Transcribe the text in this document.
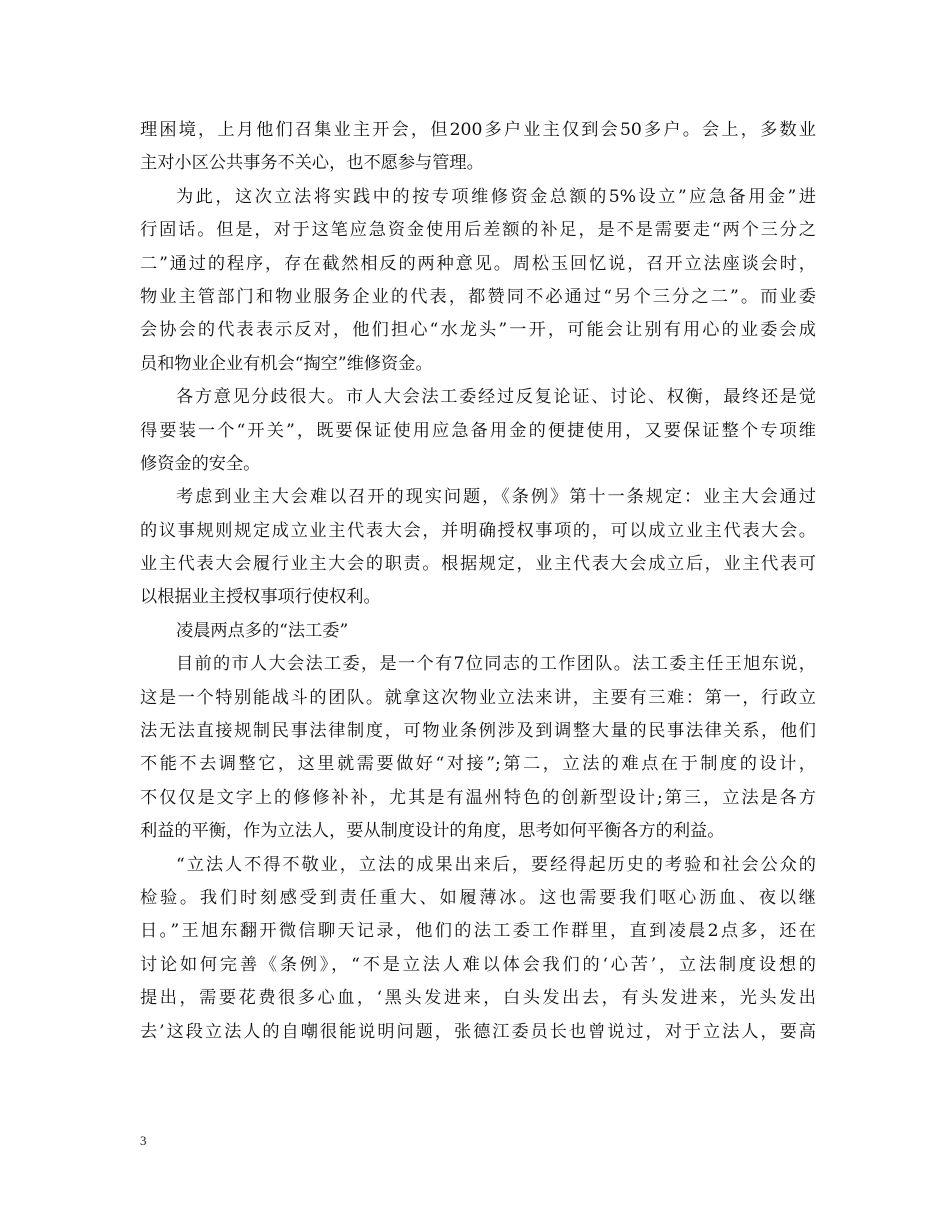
理困境，上月他们召集业主开会，但200多户业主仅到会50多户。会上，多数业
主对小区公共事务不关心，也不愿参与管理。
为此，这次立法将实践中的按专项维修资金总额的5%设立”应急备用金”进
行固话。但是，对于这笔应急资金使用后差额的补足，是不是需要走“两个三分之
二”通过的程序，存在截然相反的两种意见。周松玉回忆说，召开立法座谈会时，
物业主管部门和物业服务企业的代表，都赞同不必通过“另个三分之二”。而业委
会协会的代表表示反对，他们担心“水龙头”一开，可能会让别有用心的业委会成
员和物业企业有机会“掏空”维修资金。
各方意见分歧很大。市人大会法工委经过反复论证、讨论、权衡，最终还是觉
得要装一个“开关”，既要保证使用应急备用金的便捷使用，又要保证整个专项维
修资金的安全。
考虑到业主大会难以召开的现实问题，《条例》第十一条规定：业主大会通过
的议事规则规定成立业主代表大会，并明确授权事项的，可以成立业主代表大会。
业主代表大会履行业主大会的职责。根据规定，业主代表大会成立后，业主代表可
以根据业主授权事项行使权利。
凌晨两点多的“法工委”
目前的市人大会法工委，是一个有7位同志的工作团队。法工委主任王旭东说，
这是一个特别能战斗的团队。就拿这次物业立法来讲，主要有三难：第一，行政立
法无法直接规制民事法律制度，可物业条例涉及到调整大量的民事法律关系，他们
不能不去调整它，这里就需要做好“对接”;第二，立法的难点在于制度的设计，
不仅仅是文字上的修修补补，尤其是有温州特色的创新型设计;第三，立法是各方
利益的平衡，作为立法人，要从制度设计的角度，思考如何平衡各方的利益。
“立法人不得不敬业，立法的成果出来后，要经得起历史的考验和社会公众的
检验。我们时刻感受到责任重大、如履薄冰。这也需要我们呕心沥血、夜以继
日。”王旭东翻开微信聊天记录，他们的法工委工作群里，直到凌晨2点多，还在
讨论如何完善《条例》，“不是立法人难以体会我们的‘心苦’，立法制度设想的
提出，需要花费很多心血，‘黑头发进来，白头发出去，有头发进来，光头发出
去’这段立法人的自嘲很能说明问题，张德江委员长也曾说过，对于立法人，要高
3
